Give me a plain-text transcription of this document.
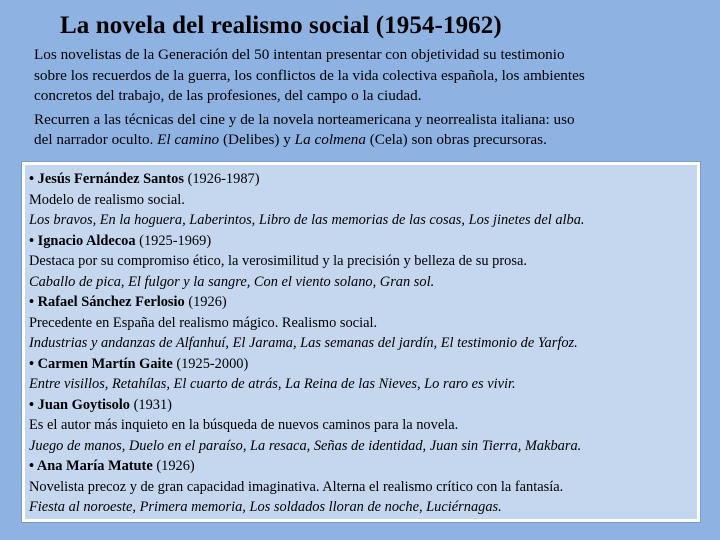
La novela del realismo social (1954-1962)

Los novelistas de la Generación del 50 intentan presentar con objetividad su testimonio
sobre los recuerdos de la guerra, los conflictos de la vida colectiva española, los ambientes
concretos del trabajo, de las profesiones, del campo o la ciudad.

Recurren a las técnicas del cine y de la novela norteamericana y neorrealista italiana: uso
del narrador oculto. El camino (Delibes) y La colmena (Cela) son obras precursoras.

• Jesús Fernández Santos (1926-1987)
Modelo de realismo social.
Los bravos, En la hoguera, Laberintos, Libro de las memorias de las cosas, Los jinetes del alba.
• Ignacio Aldecoa (1925-1969)
Destaca por su compromiso ético, la verosimilitud y la precisión y belleza de su prosa.
Caballo de pica, El fulgor y la sangre, Con el viento solano, Gran sol.
• Rafael Sánchez Ferlosio (1926)
Precedente en España del realismo mágico. Realismo social.
Industrias y andanzas de Alfanhuí, El Jarama, Las semanas del jardín, El testimonio de Yarfoz.
• Carmen Martín Gaite (1925-2000)
Entre visillos, Retahílas, El cuarto de atrás, La Reina de las Nieves, Lo raro es vivir.
• Juan Goytisolo (1931)
Es el autor más inquieto en la búsqueda de nuevos caminos para la novela.
Juego de manos, Duelo en el paraíso, La resaca, Señas de identidad, Juan sin Tierra, Makbara.
• Ana María Matute (1926)
Novelista precoz y de gran capacidad imaginativa. Alterna el realismo crítico con la fantasía.
Fiesta al noroeste, Primera memoria, Los soldados lloran de noche, Luciérnagas.
